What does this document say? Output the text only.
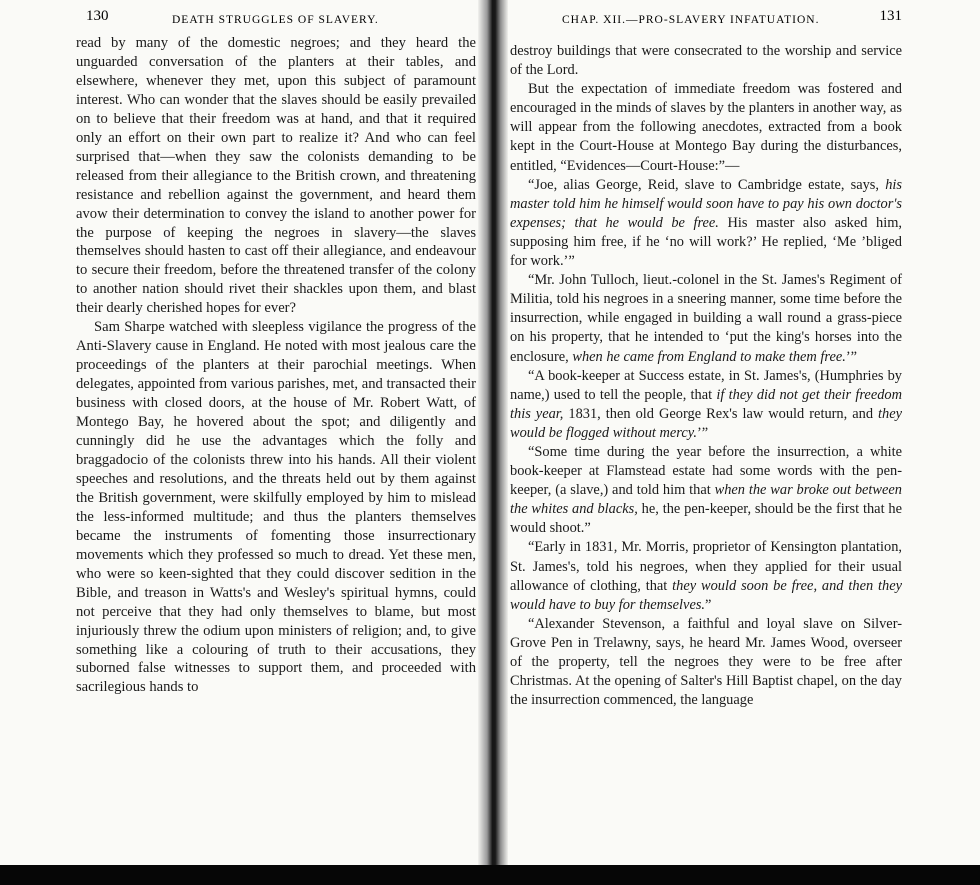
130	DEATH STRUGGLES OF SLAVERY.

read by many of the domestic negroes; and they heard the unguarded conversation of the planters at their tables, and elsewhere, whenever they met, upon this subject of paramount interest. Who can wonder that the slaves should be easily prevailed on to believe that their freedom was at hand, and that it required only an effort on their own part to realize it? And who can feel surprised that—when they saw the colonists demanding to be released from their allegiance to the British crown, and threatening resistance and rebellion against the government, and heard them avow their determination to convey the island to another power for the purpose of keeping the negroes in slavery—the slaves themselves should hasten to cast off their allegiance, and endeavour to secure their freedom, before the threatened transfer of the colony to another nation should rivet their shackles upon them, and blast their dearly cherished hopes for ever?

Sam Sharpe watched with sleepless vigilance the progress of the Anti-Slavery cause in England. He noted with most jealous care the proceedings of the planters at their parochial meetings. When delegates, appointed from various parishes, met, and transacted their business with closed doors, at the house of Mr. Robert Watt, of Montego Bay, he hovered about the spot; and diligently and cunningly did he use the advantages which the folly and braggadocio of the colonists threw into his hands. All their violent speeches and resolutions, and the threats held out by them against the British government, were skilfully employed by him to mislead the less-informed multitude; and thus the planters themselves became the instruments of fomenting those insurrectionary movements which they professed so much to dread. Yet these men, who were so keen-sighted that they could discover sedition in the Bible, and treason in Watts's and Wesley's spiritual hymns, could not perceive that they had only themselves to blame, but most injuriously threw the odium upon ministers of religion; and, to give something like a colouring of truth to their accusations, they suborned false witnesses to support them, and proceeded with sacrilegious hands to

CHAP. XII.—PRO-SLAVERY INFATUATION.	131

destroy buildings that were consecrated to the worship and service of the Lord.

But the expectation of immediate freedom was fostered and encouraged in the minds of slaves by the planters in another way, as will appear from the following anecdotes, extracted from a book kept in the Court-House at Montego Bay during the disturbances, entitled, “Evidences—Court-House:”—

“Joe, alias George, Reid, slave to Cambridge estate, says, his master told him he himself would soon have to pay his own doctor's expenses; that he would be free. His master also asked him, supposing him free, if he ‘no will work?’ He replied, ‘Me ’bliged for work.’”

“Mr. John Tulloch, lieut.-colonel in the St. James's Regiment of Militia, told his negroes in a sneering manner, some time before the insurrection, while engaged in building a wall round a grass-piece on his property, that he intended to ‘put the king's horses into the enclosure, when he came from England to make them free.’”

“A book-keeper at Success estate, in St. James's, (Humphries by name,) used to tell the people, that if they did not get their freedom this year, 1831, then old George Rex's law would return, and they would be flogged without mercy.’”

“Some time during the year before the insurrection, a white book-keeper at Flamstead estate had some words with the pen-keeper, (a slave,) and told him that when the war broke out between the whites and blacks, he, the pen-keeper, should be the first that he would shoot.”

“Early in 1831, Mr. Morris, proprietor of Kensington plantation, St. James's, told his negroes, when they applied for their usual allowance of clothing, that they would soon be free, and then they would have to buy for themselves.”

“Alexander Stevenson, a faithful and loyal slave on Silver-Grove Pen in Trelawny, says, he heard Mr. James Wood, overseer of the property, tell the negroes they were to be free after Christmas. At the opening of Salter's Hill Baptist chapel, on the day the insurrection commenced, the language
